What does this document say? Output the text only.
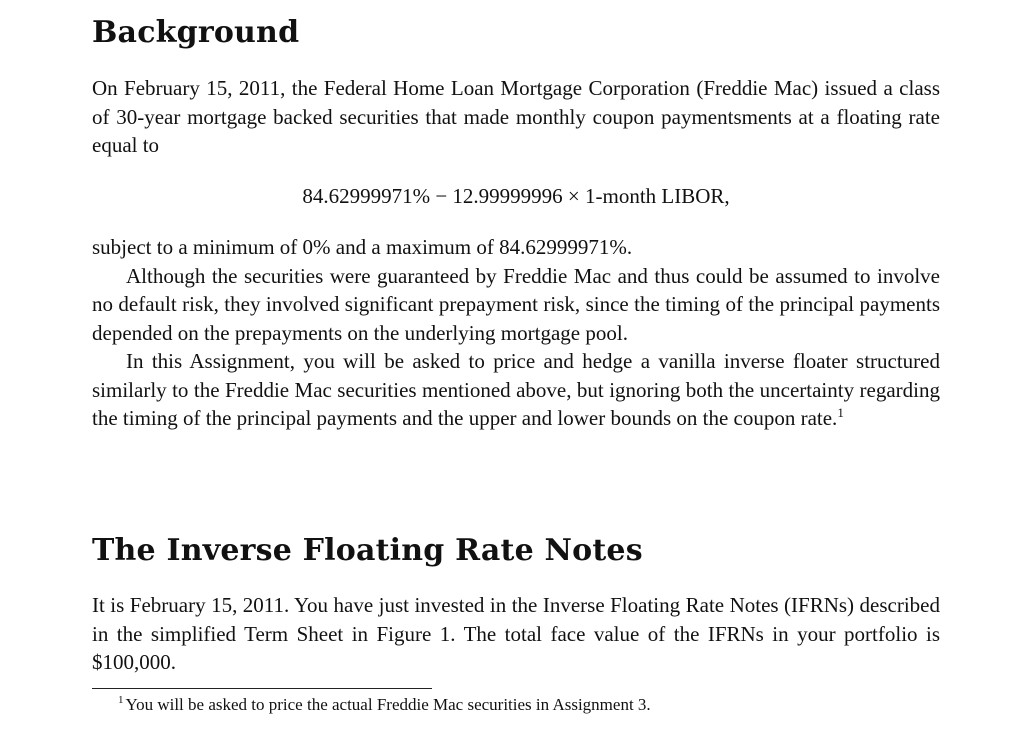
Background

On February 15, 2011, the Federal Home Loan Mortgage Corporation (Freddie Mac) issued a class of 30-year mortgage backed securities that made monthly coupon paymentsments at a floating rate equal to

84.62999971% − 12.99999996 × 1-month LIBOR,

subject to a minimum of 0% and a maximum of 84.62999971%.

Although the securities were guaranteed by Freddie Mac and thus could be assumed to involve no default risk, they involved significant prepayment risk, since the timing of the principal payments depended on the prepayments on the underlying mortgage pool.

In this Assignment, you will be asked to price and hedge a vanilla inverse floater structured similarly to the Freddie Mac securities mentioned above, but ignoring both the uncertainty regarding the timing of the principal payments and the upper and lower bounds on the coupon rate.$^1$

The Inverse Floating Rate Notes

It is February 15, 2011. You have just invested in the Inverse Floating Rate Notes (IFRNs) described in the simplified Term Sheet in Figure 1. The total face value of the IFRNs in your portfolio is $100,000.

$^1$ You will be asked to price the actual Freddie Mac securities in Assignment 3.
